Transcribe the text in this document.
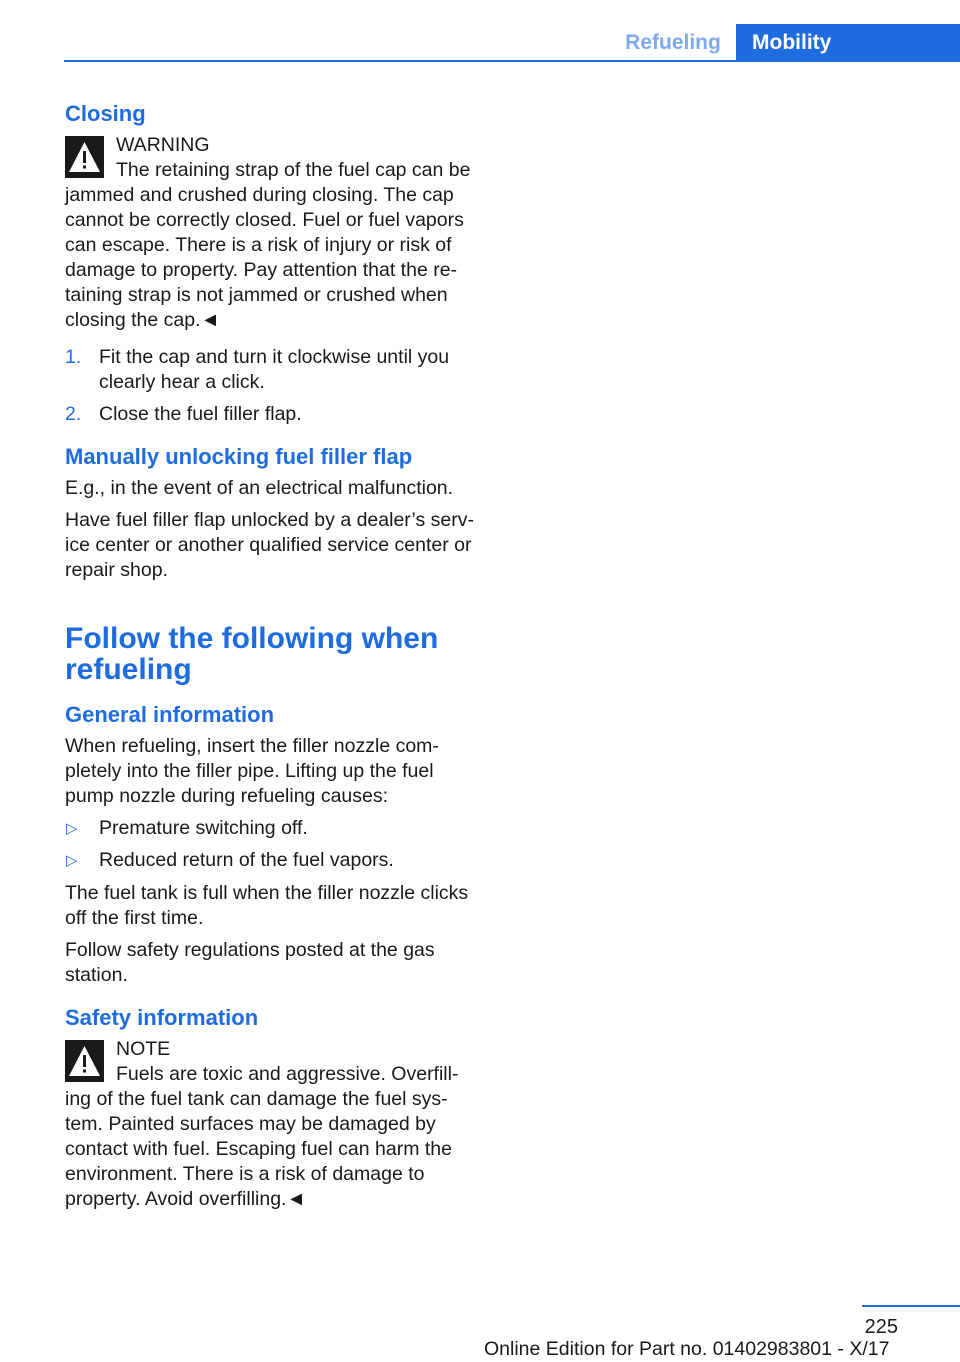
Refueling	Mobility
Closing
WARNING
The retaining strap of the fuel cap can be jammed and crushed during closing. The cap cannot be correctly closed. Fuel or fuel vapors can escape. There is a risk of injury or risk of damage to property. Pay attention that the re-taining strap is not jammed or crushed when closing the cap.◄
1. Fit the cap and turn it clockwise until you clearly hear a click.
2. Close the fuel filler flap.
Manually unlocking fuel filler flap

E.g., in the event of an electrical malfunction.

Have fuel filler flap unlocked by a dealer’s serv-ice center or another qualified service center or repair shop.

Follow the following when refueling
General information

When refueling, insert the filler nozzle com-pletely into the filler pipe. Lifting up the fuel pump nozzle during refueling causes:

▷ Premature switching off.
▷ Reduced return of the fuel vapors.

The fuel tank is full when the filler nozzle clicks off the first time.

Follow safety regulations posted at the gas station.

Safety information
NOTE
Fuels are toxic and aggressive. Overfill-ing of the fuel tank can damage the fuel sys-tem. Painted surfaces may be damaged by contact with fuel. Escaping fuel can harm the environment. There is a risk of damage to property. Avoid overfilling.◄
225
Online Edition for Part no. 01402983801 - X/17
